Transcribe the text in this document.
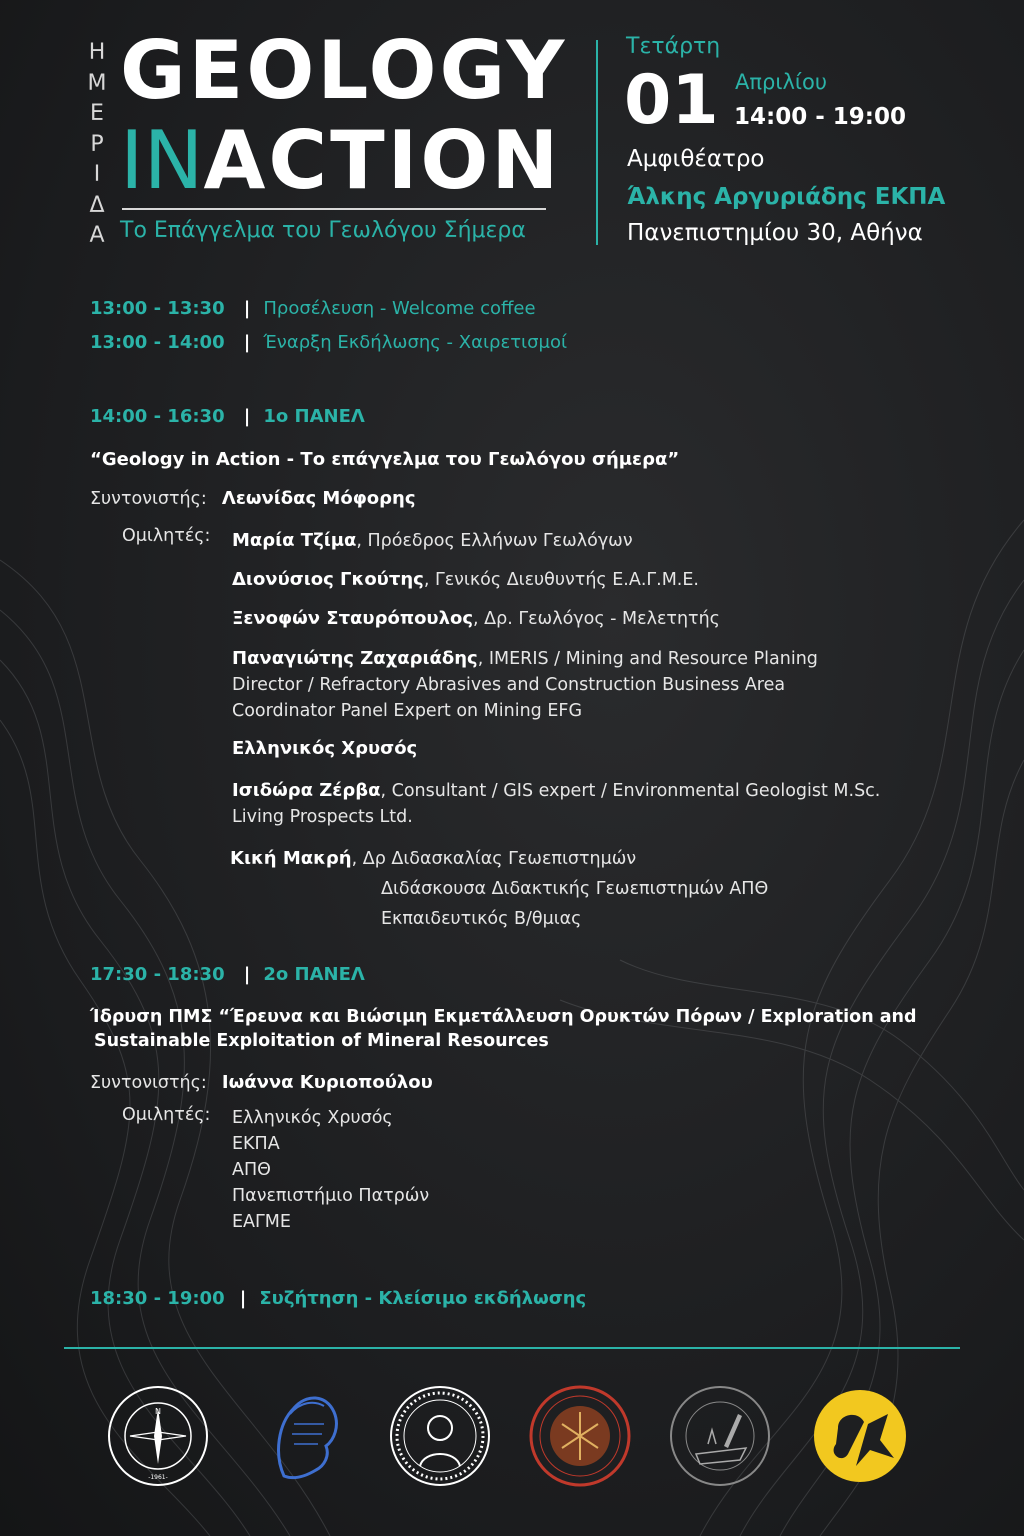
Η
Μ
Ε
Ρ
Ι
Δ
Α
GEOLOGY
INACTION
Το Επάγγελμα του Γεωλόγου Σήμερα
Τετάρτη
01 Απριλίου
14:00 - 19:00
Αμφιθέατρο
Άλκης Αργυριάδης ΕΚΠΑ
Πανεπιστημίου 30, Αθήνα
13:00 - 13:30 | Προσέλευση - Welcome coffee
13:00 - 14:00 | Έναρξη Εκδήλωσης - Χαιρετισμοί
14:00 - 16:30 | 1ο ΠΑΝΕΛ
“Geology in Action - Το επάγγελμα του Γεωλόγου σήμερα”
Συντονιστής: Λεωνίδας Μόφορης
Ομιλητές: Μαρία Τζίμα, Πρόεδρος Ελλήνων Γεωλόγων
Διονύσιος Γκούτης, Γενικός Διευθυντής Ε.Α.Γ.Μ.Ε.
Ξενοφών Σταυρόπουλος, Δρ. Γεωλόγος - Μελετητής
Παναγιώτης Ζαχαριάδης, IMERIS / Mining and Resource Planing
Director / Refractory Abrasives and Construction Business Area
Coordinator Panel Expert on Mining EFG
Ελληνικός Χρυσός
Ισιδώρα Ζέρβα, Consultant / GIS expert / Environmental Geologist M.Sc.
Living Prospects Ltd.
Κική Μακρή, Δρ Διδασκαλίας Γεωεπιστημών
Διδάσκουσα Διδακτικής Γεωεπιστημών ΑΠΘ
Εκπαιδευτικός Β/θμιας
17:30 - 18:30 | 2ο ΠΑΝΕΛ
Ίδρυση ΠΜΣ “Έρευνα και Βιώσιμη Εκμετάλλευση Ορυκτών Πόρων / Exploration and
Sustainable Exploitation of Mineral Resources
Συντονιστής: Ιωάννα Κυριοπούλου
Ομιλητές: Ελληνικός Χρυσός
ΕΚΠΑ
ΑΠΘ
Πανεπιστήμιο Πατρών
ΕΑΓΜΕ
18:30 - 19:00 | Συζήτηση - Κλείσιμο εκδήλωσης
N
-1961-
